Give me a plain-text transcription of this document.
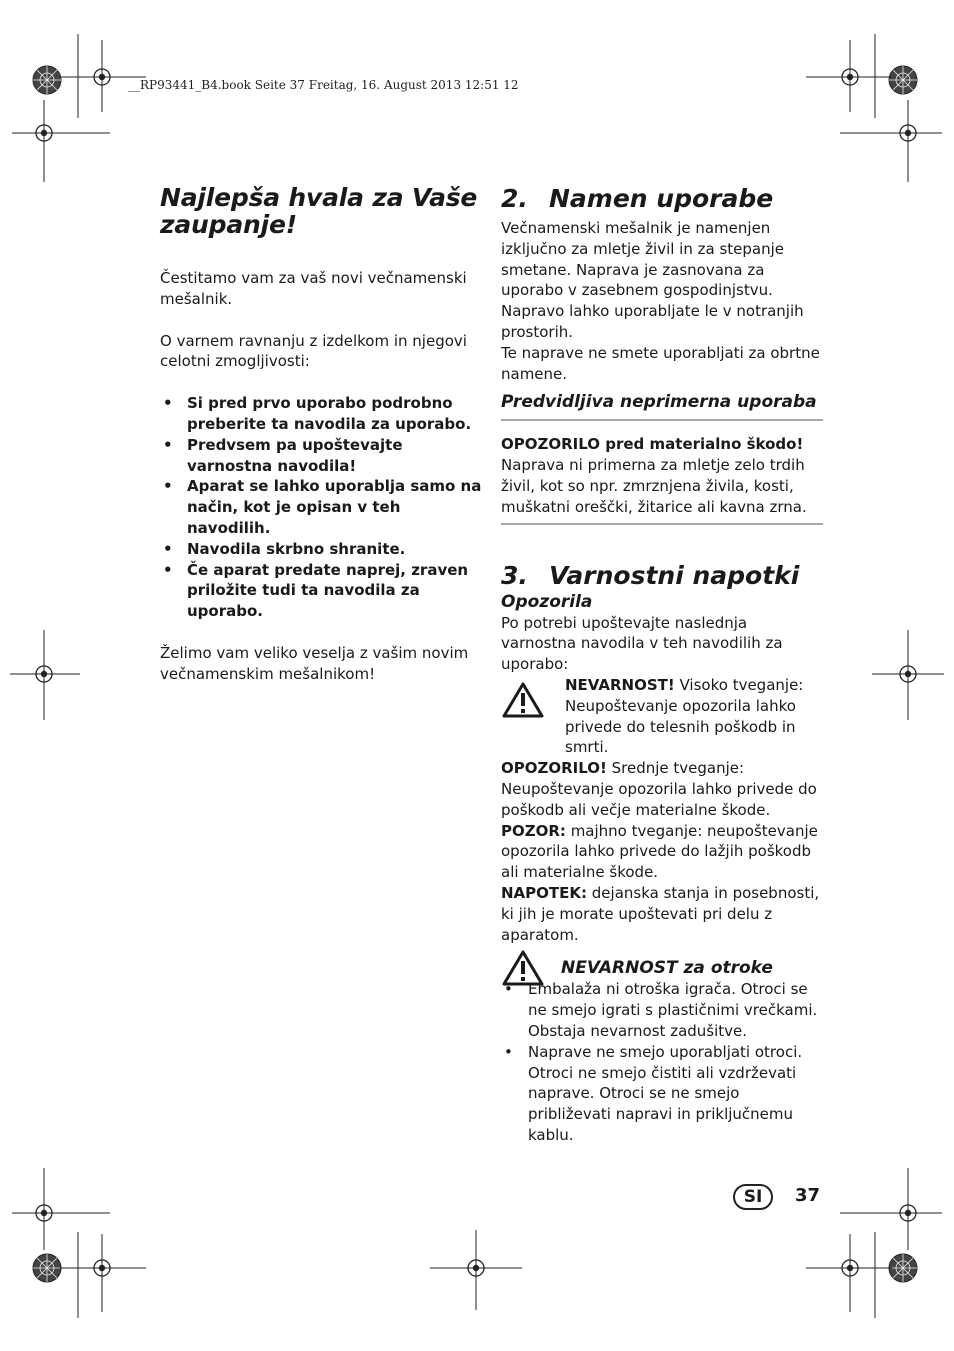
__RP93441_B4.book Seite 37 Freitag, 16. August 2013 12:51 12
Najlepša hvala za Vaše zaupanje!

Čestitamo vam za vaš novi večnamenski mešalnik.

O varnem ravnanju z izdelkom in njegovi celotni zmogljivosti:

• Si pred prvo uporabo podrobno preberite ta navodila za uporabo.
• Predvsem pa upoštevajte varnostna navodila!
• Aparat se lahko uporablja samo na način, kot je opisan v teh navodilih.
• Navodila skrbno shranite.
• Če aparat predate naprej, zraven priložite tudi ta navodila za uporabo.

Želimo vam veliko veselja z vašim novim večnamenskim mešalnikom!

2. Namen uporabe

Večnamenski mešalnik je namenjen izključno za mletje živil in za stepanje smetane. Naprava je zasnovana za uporabo v zasebnem gospodinjstvu. Napravo lahko uporabljate le v notranjih prostorih.

Te naprave ne smete uporabljati za obrtne namene.

Predvidljiva neprimerna uporaba

OPOZORILO pred materialno škodo!

Naprava ni primerna za mletje zelo trdih živil, kot so npr. zmrznjena živila, kosti, muškatni oreščki, žitarice ali kavna zrna.

3. Varnostni napotki
Opozorila

Po potrebi upoštevajte naslednja varnostna navodila v teh navodilih za uporabo:

NEVARNOST! Visoko tveganje: Neupoštevanje opozorila lahko privede do telesnih poškodb in smrti.

OPOZORILO! Srednje tveganje: Neupoštevanje opozorila lahko privede do poškodb ali večje materialne škode.

POZOR: majhno tveganje: neupoštevanje opozorila lahko privede do lažjih poškodb ali materialne škode.

NAPOTEK: dejanska stanja in posebnosti, ki jih je morate upoštevati pri delu z aparatom.

NEVARNOST za otroke
• Embalaža ni otroška igrača. Otroci se ne smejo igrati s plastičnimi vrečkami. Obstaja nevarnost zadušitve.
• Naprave ne smejo uporabljati otroci. Otroci ne smejo čistiti ali vzdrževati naprave. Otroci se ne smejo približevati napravi in priključnemu kablu.
SI	37
